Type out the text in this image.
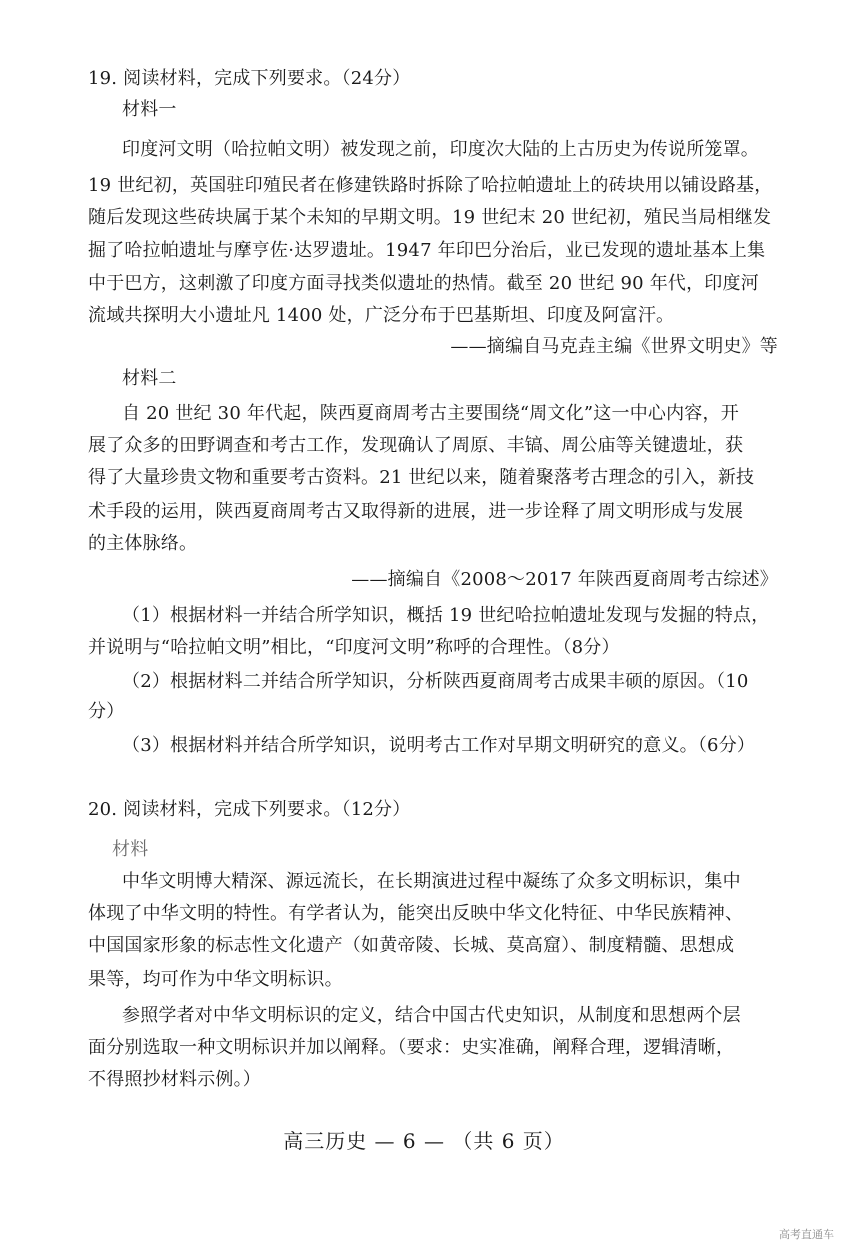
19. 阅读材料，完成下列要求。（24分）
材料一
印度河文明（哈拉帕文明）被发现之前，印度次大陆的上古历史为传说所笼罩。
19 世纪初，英国驻印殖民者在修建铁路时拆除了哈拉帕遗址上的砖块用以铺设路基，
随后发现这些砖块属于某个未知的早期文明。19 世纪末 20 世纪初，殖民当局相继发
掘了哈拉帕遗址与摩亨佐·达罗遗址。1947 年印巴分治后，业已发现的遗址基本上集
中于巴方，这刺激了印度方面寻找类似遗址的热情。截至 20 世纪 90 年代，印度河
流域共探明大小遗址凡 1400 处，广泛分布于巴基斯坦、印度及阿富汗。
——摘编自马克垚主编《世界文明史》等
材料二
自 20 世纪 30 年代起，陕西夏商周考古主要围绕“周文化”这一中心内容，开
展了众多的田野调查和考古工作，发现确认了周原、丰镐、周公庙等关键遗址，获
得了大量珍贵文物和重要考古资料。21 世纪以来，随着聚落考古理念的引入，新技
术手段的运用，陕西夏商周考古又取得新的进展，进一步诠释了周文明形成与发展
的主体脉络。
——摘编自《2008～2017 年陕西夏商周考古综述》
（1）根据材料一并结合所学知识，概括 19 世纪哈拉帕遗址发现与发掘的特点，
并说明与“哈拉帕文明”相比，“印度河文明”称呼的合理性。（8分）
（2）根据材料二并结合所学知识，分析陕西夏商周考古成果丰硕的原因。（10
分）
（3）根据材料并结合所学知识，说明考古工作对早期文明研究的意义。（6分）
20. 阅读材料，完成下列要求。（12分）
材料
中华文明博大精深、源远流长，在长期演进过程中凝练了众多文明标识，集中
体现了中华文明的特性。有学者认为，能突出反映中华文化特征、中华民族精神、
中国国家形象的标志性文化遗产（如黄帝陵、长城、莫高窟）、制度精髓、思想成
果等，均可作为中华文明标识。
参照学者对中华文明标识的定义，结合中国古代史知识，从制度和思想两个层
面分别选取一种文明标识并加以阐释。（要求：史实准确，阐释合理，逻辑清晰，
不得照抄材料示例。）
高三历史 — 6 — （共 6 页）
高考直通车
